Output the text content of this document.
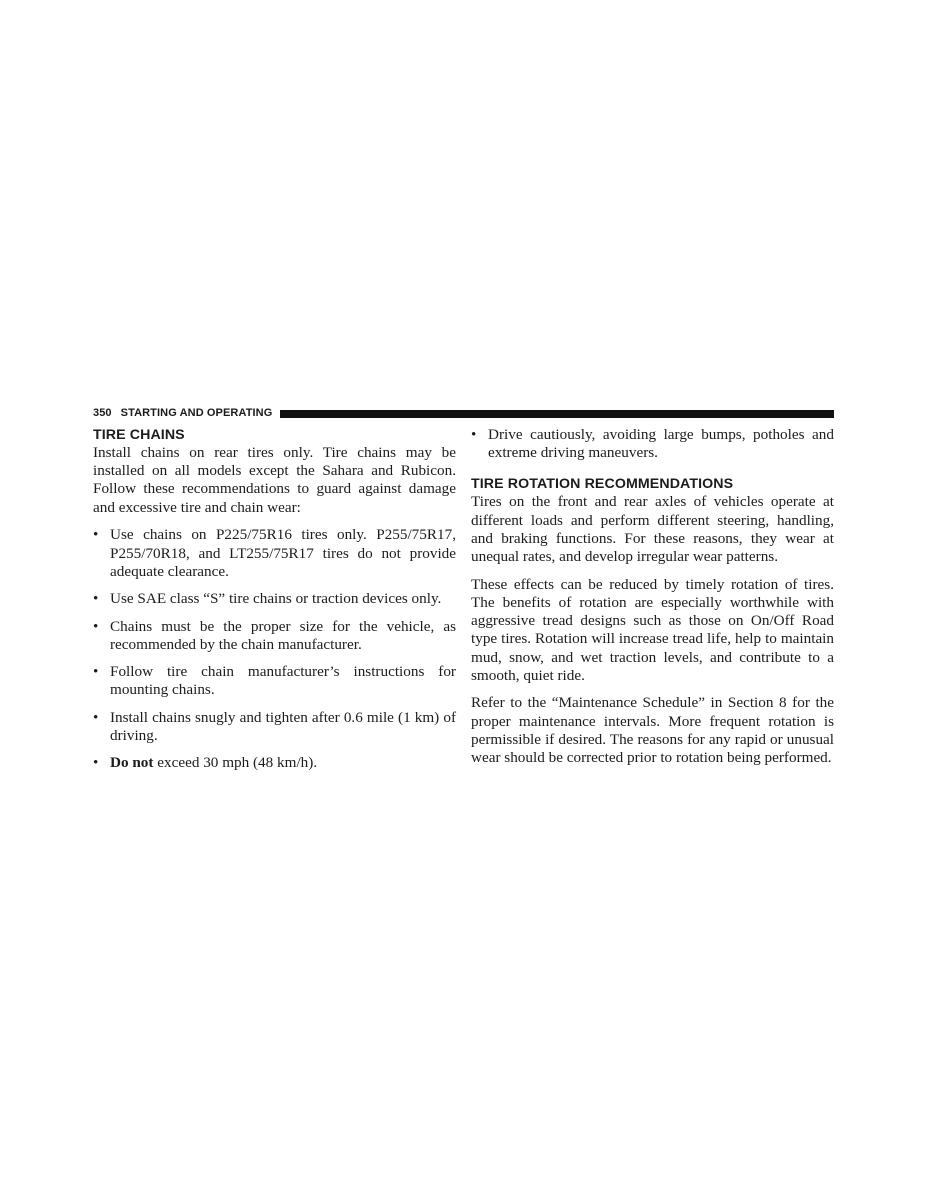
350 STARTING AND OPERATING
TIRE CHAINS

Install chains on rear tires only. Tire chains may be installed on all models except the Sahara and Rubicon. Follow these recommendations to guard against damage and excessive tire and chain wear:

• Use chains on P225/75R16 tires only. P255/75R17, P255/70R18, and LT255/75R17 tires do not provide adequate clearance.
• Use SAE class “S” tire chains or traction devices only.
• Chains must be the proper size for the vehicle, as recommended by the chain manufacturer.
• Follow tire chain manufacturer’s instructions for mounting chains.
• Install chains snugly and tighten after 0.6 mile (1 km) of driving.
• Do not exceed 30 mph (48 km/h).
• Drive cautiously, avoiding large bumps, potholes and extreme driving maneuvers.
TIRE ROTATION RECOMMENDATIONS

Tires on the front and rear axles of vehicles operate at different loads and perform different steering, handling, and braking functions. For these reasons, they wear at unequal rates, and develop irregular wear patterns.

These effects can be reduced by timely rotation of tires. The benefits of rotation are especially worthwhile with aggressive tread designs such as those on On/Off Road type tires. Rotation will increase tread life, help to maintain mud, snow, and wet traction levels, and contribute to a smooth, quiet ride.

Refer to the “Maintenance Schedule” in Section 8 for the proper maintenance intervals. More frequent rotation is permissible if desired. The reasons for any rapid or unusual wear should be corrected prior to rotation being performed.
